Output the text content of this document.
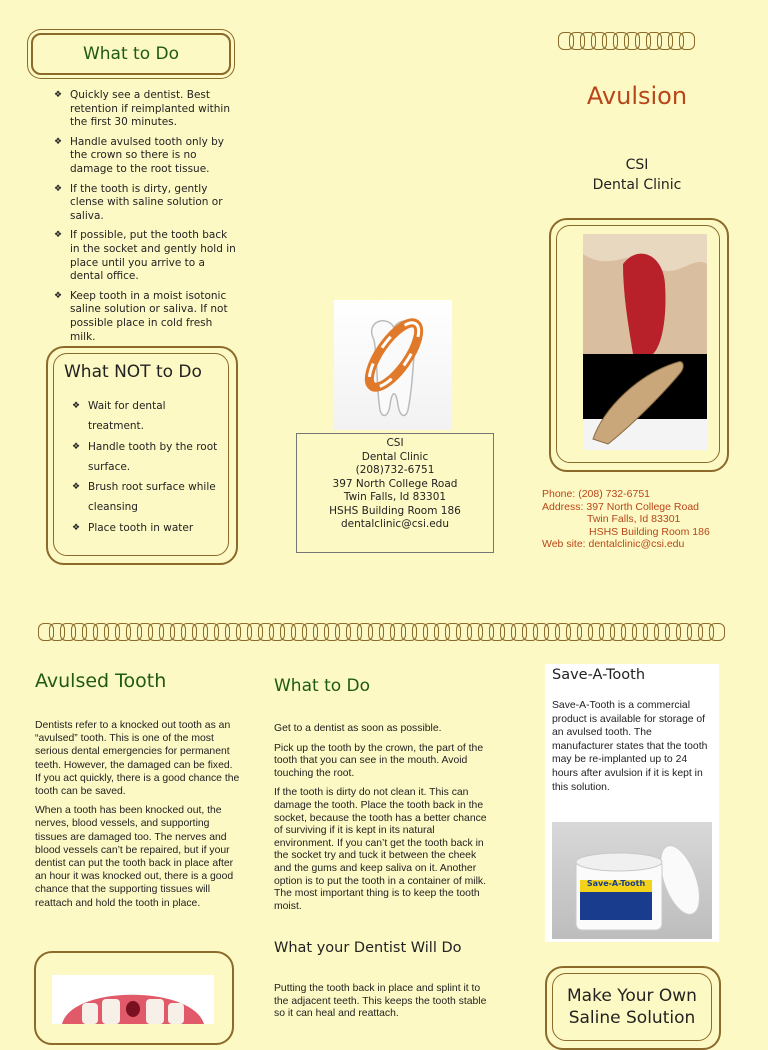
What to Do
❖ Quickly see a dentist. Best retention if reimplanted within the first 30 minutes.
❖ Handle avulsed tooth only by the crown so there is no damage to the root tissue.
❖ If the tooth is dirty, gently clense with saline solution or saliva.
❖ If possible, put the tooth back in the socket and gently hold in place until you arrive to a dental office.
❖ Keep tooth in a moist isotonic saline solution or saliva. If not possible place in cold fresh milk.
What NOT to Do
❖ Wait for dental treatment.
❖ Handle tooth by the root surface.
❖ Brush root surface while cleansing
❖ Place tooth in water
CSI
Dental Clinic
(208)732-6751
397 North College Road
Twin Falls, Id 83301
HSHS Building Room 186
dentalclinic@csi.edu
Avulsion
CSI
Dental Clinic
Phone: (208) 732-6751
Address: 397 North College Road
Twin Falls, Id 83301
HSHS Building Room 186
Web site: dentalclinic@csi.edu
Avulsed Tooth

Dentists refer to a knocked out tooth as an “avulsed” tooth. This is one of the most serious dental emergencies for permanent teeth. However, the damaged can be fixed. If you act quickly, there is a good chance the tooth can be saved.

When a tooth has been knocked out, the nerves, blood vessels, and supporting tissues are damaged too. The nerves and blood vessels can’t be repaired, but if your dentist can put the tooth back in place after an hour it was knocked out, there is a good chance that the supporting tissues will reattach and hold the tooth in place.

What to Do

Get to a dentist as soon as possible.

Pick up the tooth by the crown, the part of the tooth that you can see in the mouth. Avoid touching the root.

If the tooth is dirty do not clean it. This can damage the tooth. Place the tooth back in the socket, because the tooth has a better chance of surviving if it is kept in its natural environment. If you can’t get the tooth back in the socket try and tuck it between the cheek and the gums and keep saliva on it. Another option is to put the tooth in a container of milk. The most important thing is to keep the tooth moist.

What your Dentist Will Do
Putting the tooth back in place and splint it to the adjacent teeth. This keeps the tooth stable so it can heal and reattach.
Save-A-Tooth
Save-A-Tooth is a commercial product is available for storage of an avulsed tooth. The manufacturer states that the tooth may be re-implanted up to 24 hours after avulsion if it is kept in this solution.
Save-A-Tooth
Make Your Own
Saline Solution
